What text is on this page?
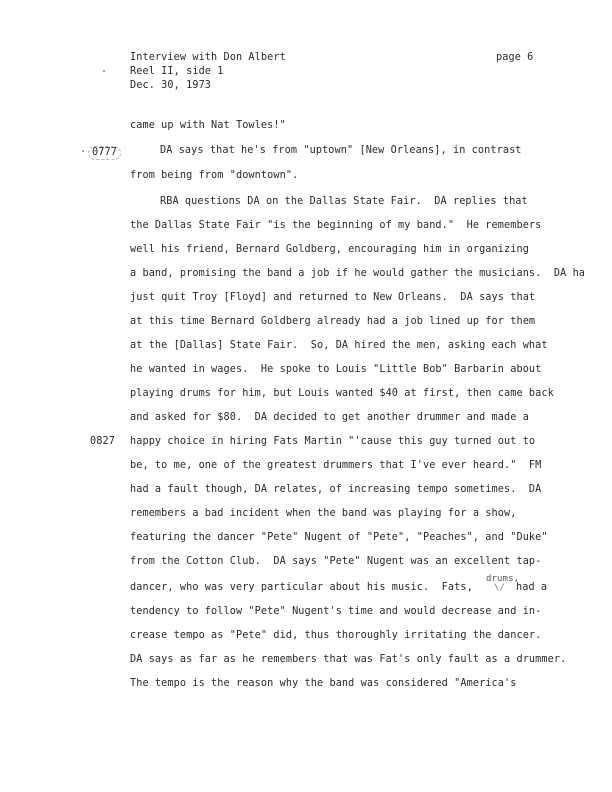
Interview with Don Albert	page 6
Reel II, side 1
Dec. 30, 1973
came up with Nat Towles!"
0777	DA says that he's from "uptown" [New Orleans], in contrast
from being from "downtown".
RBA questions DA on the Dallas State Fair.  DA replies that
the Dallas State Fair "is the beginning of my band."  He remembers
well his friend, Bernard Goldberg, encouraging him in organizing
a band, promising the band a job if he would gather the musicians.  DA ha
just quit Troy [Floyd] and returned to New Orleans.  DA says that
at this time Bernard Goldberg already had a job lined up for them
at the [Dallas] State Fair.  So, DA hired the men, asking each what
he wanted in wages.  He spoke to Louis "Little Bob" Barbarin about
playing drums for him, but Louis wanted $40 at first, then came back
and asked for $80.  DA decided to get another drummer and made a
0827 happy choice in hiring Fats Martin "'cause this guy turned out to
be, to me, one of the greatest drummers that I've ever heard."  FM
had a fault though, DA relates, of increasing tempo sometimes.  DA
remembers a bad incident when the band was playing for a show,
featuring the dancer "Pete" Nugent of "Pete", "Peaches", and "Duke"
from the Cotton Club.  DA says "Pete" Nugent was an excellent tap-
drums,
dancer, who was very particular about his music.  Fats, \/ had a
tendency to follow "Pete" Nugent's time and would decrease and in-
crease tempo as "Pete" did, thus thoroughly irritating the dancer.
DA says as far as he remembers that was Fat's only fault as a drummer.
The tempo is the reason why the band was considered "America's
